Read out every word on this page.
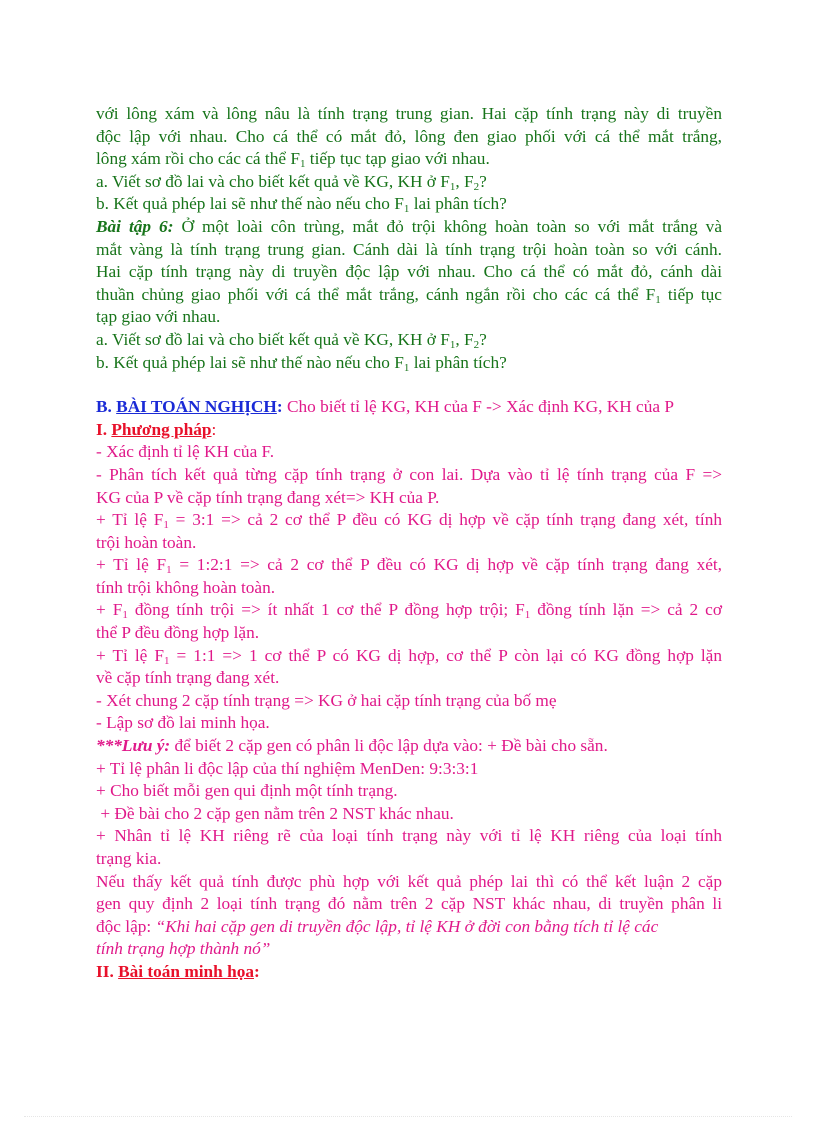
với lông xám và lông nâu là tính trạng trung gian. Hai cặp tính trạng này di truyền

độc lập với nhau. Cho cá thể có mắt đỏ, lông đen giao phối với cá thể mắt trắng,

lông xám rồi cho các cá thể $F_1$ tiếp tục tạp giao với nhau.

a. Viết sơ đồ lai và cho biết kết quả về KG, KH ở $F_1$, $F_2$?

b. Kết quả phép lai sẽ như thế nào nếu cho $F_1$ lai phân tích?

Bài tập 6: Ở một loài côn trùng, mắt đỏ trội không hoàn toàn so với mắt trắng và

mắt vàng là tính trạng trung gian. Cánh dài là tính trạng trội hoàn toàn so với cánh.

Hai cặp tính trạng này di truyền độc lập với nhau. Cho cá thể có mắt đỏ, cánh dài

thuần chủng giao phối với cá thể mắt trắng, cánh ngắn rồi cho các cá thể $F_1$ tiếp tục

tạp giao với nhau.

a. Viết sơ đồ lai và cho biết kết quả về KG, KH ở $F_1$, $F_2$?

b. Kết quả phép lai sẽ như thế nào nếu cho $F_1$ lai phân tích?

B. BÀI TOÁN NGHỊCH: Cho biết tỉ lệ KG, KH của F -> Xác định KG, KH của P

I. Phương pháp:

- Xác định tỉ lệ KH của F.

- Phân tích kết quả từng cặp tính trạng ở con lai. Dựa vào tỉ lệ tính trạng của F =>

KG của P về cặp tính trạng đang xét=> KH của P.

+ Tỉ lệ $F_1$ = 3:1 => cả 2 cơ thể P đều có KG dị hợp về cặp tính trạng đang xét, tính

trội hoàn toàn.

+ Tỉ lệ $F_1$ = 1:2:1 => cả 2 cơ thể P đều có KG dị hợp về cặp tính trạng đang xét,

tính trội không hoàn toàn.

+ $F_1$ đồng tính trội => ít nhất 1 cơ thể P đồng hợp trội; $F_1$ đồng tính lặn => cả 2 cơ

thể P đều đồng hợp lặn.

+ Tỉ lệ $F_1$ = 1:1 => 1 cơ thể P có KG dị hợp, cơ thể P còn lại có KG đồng hợp lặn

về cặp tính trạng đang xét.

- Xét chung 2 cặp tính trạng => KG ở hai cặp tính trạng của bố mẹ

- Lập sơ đồ lai minh họa.

***Lưu ý: để biết 2 cặp gen có phân li độc lập dựa vào: + Đề bài cho sẵn.

+ Tỉ lệ phân li độc lập của thí nghiệm MenDen: 9:3:3:1

+ Cho biết mỗi gen qui định một tính trạng.

+ Đề bài cho 2 cặp gen nằm trên 2 NST khác nhau.

+ Nhân tỉ lệ KH riêng rẽ của loại tính trạng này với tỉ lệ KH riêng của loại tính

trạng kia.

Nếu thấy kết quả tính được phù hợp với kết quả phép lai thì có thể kết luận 2 cặp

gen quy định 2 loại tính trạng đó nằm trên 2 cặp NST khác nhau, di truyền phân li

độc lập: “Khi hai cặp gen di truyền độc lập, tỉ lệ KH ở đời con bằng tích tỉ lệ các

tính trạng hợp thành nó”

II. Bài toán minh họa:
